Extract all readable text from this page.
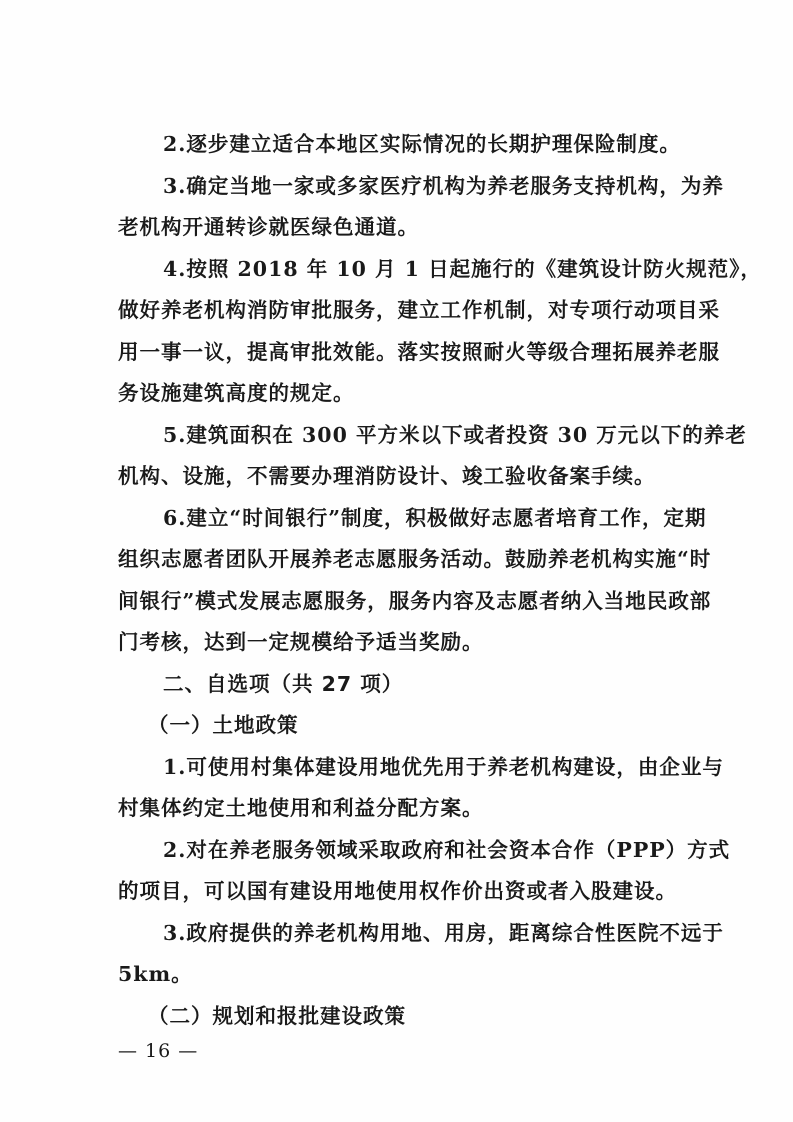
2.逐步建立适合本地区实际情况的长期护理保险制度。
3.确定当地一家或多家医疗机构为养老服务支持机构，为养
老机构开通转诊就医绿色通道。
4.按照 2018 年 10 月 1 日起施行的《建筑设计防火规范》，
做好养老机构消防审批服务，建立工作机制，对专项行动项目采
用一事一议，提高审批效能。落实按照耐火等级合理拓展养老服
务设施建筑高度的规定。
5.建筑面积在 300 平方米以下或者投资 30 万元以下的养老
机构、设施，不需要办理消防设计、竣工验收备案手续。
6.建立“时间银行”制度，积极做好志愿者培育工作，定期
组织志愿者团队开展养老志愿服务活动。鼓励养老机构实施“时
间银行”模式发展志愿服务，服务内容及志愿者纳入当地民政部
门考核，达到一定规模给予适当奖励。
二、自选项（共 27 项）
（一）土地政策
1.可使用村集体建设用地优先用于养老机构建设，由企业与
村集体约定土地使用和利益分配方案。
2.对在养老服务领域采取政府和社会资本合作（PPP）方式
的项目，可以国有建设用地使用权作价出资或者入股建设。
3.政府提供的养老机构用地、用房，距离综合性医院不远于
5km。
（二）规划和报批建设政策
— 16 —
